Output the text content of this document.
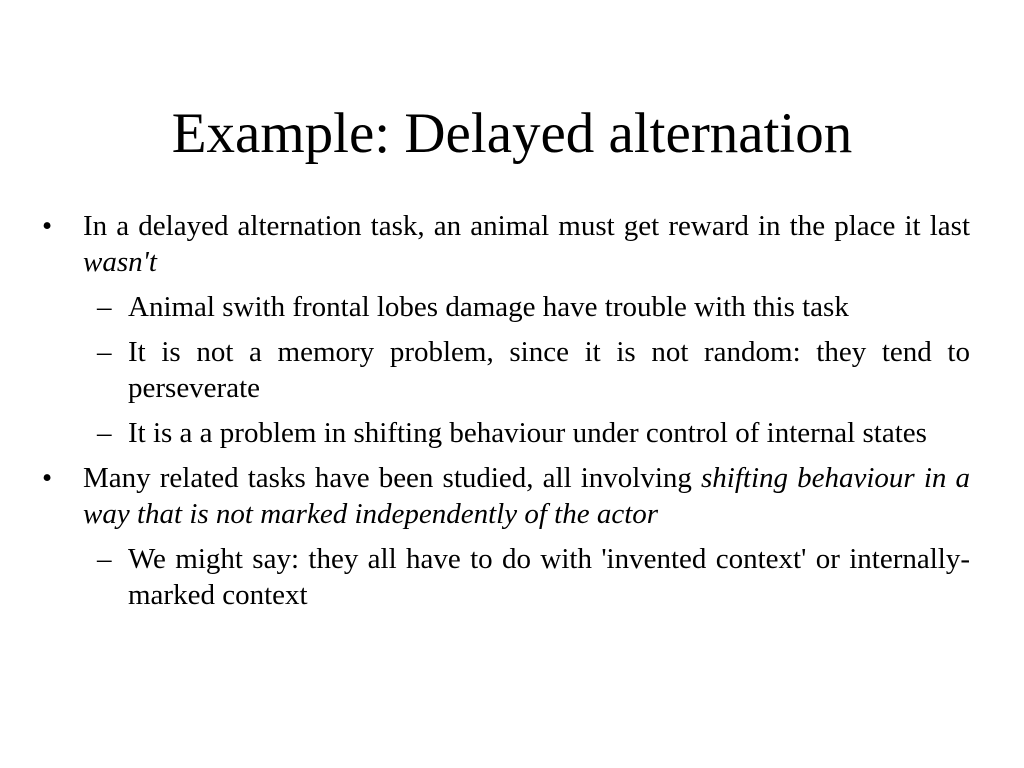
Example: Delayed alternation
• In a delayed alternation task, an animal must get reward in the place it last wasn't
– Animal swith frontal lobes damage have trouble with this task
– It is not a memory problem, since it is not random: they tend to perseverate
– It is a a problem in shifting behaviour under control of internal states
• Many related tasks have been studied, all involving shifting behaviour in a way that is not marked independently of the actor
– We might say: they all have to do with 'invented context' or internally-marked context
